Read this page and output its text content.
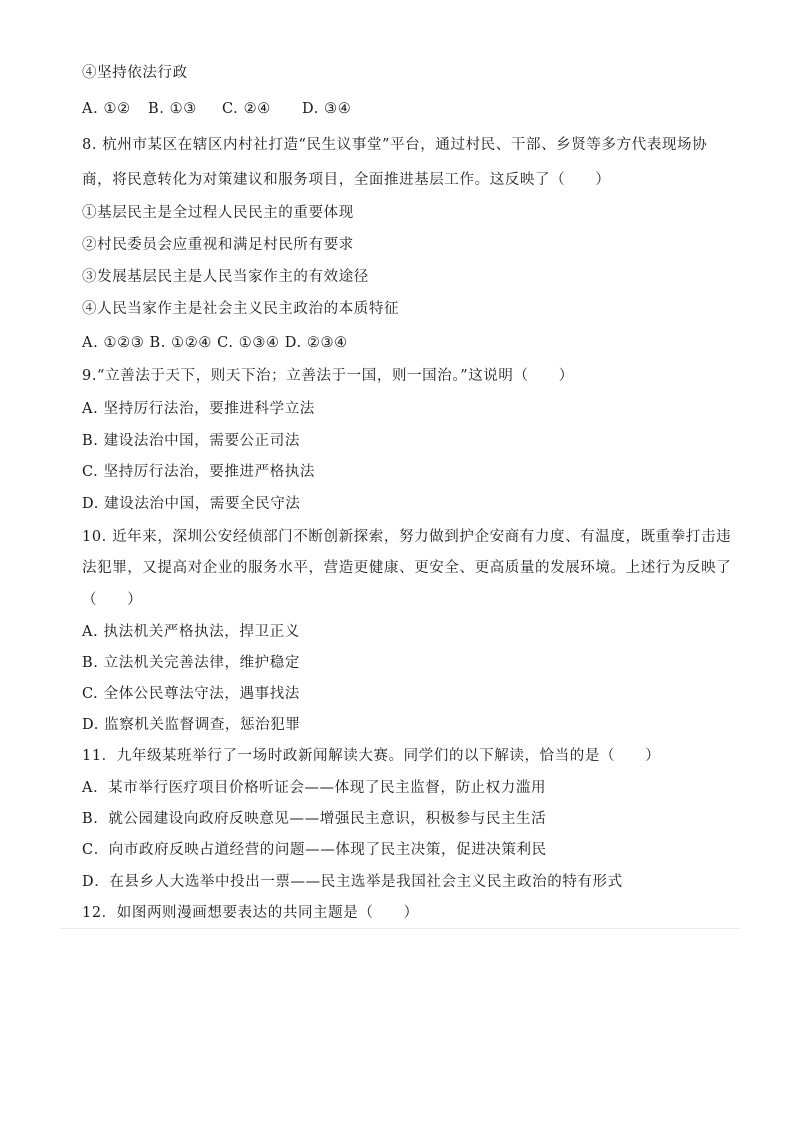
④坚持依法行政
A. ①② B. ①③ C. ②④ D. ③④
8. 杭州市某区在辖区内村社打造“民生议事堂”平台，通过村民、干部、乡贤等多方代表现场协
商，将民意转化为对策建议和服务项目，全面推进基层工作。这反映了（　　）
①基层民主是全过程人民民主的重要体现
②村民委员会应重视和满足村民所有要求
③发展基层民主是人民当家作主的有效途径
④人民当家作主是社会主义民主政治的本质特征
A. ①②③ B. ①②④ C. ①③④ D. ②③④
9.“立善法于天下，则天下治；立善法于一国，则一国治。”这说明（　　）
A. 坚持厉行法治，要推进科学立法
B. 建设法治中国，需要公正司法
C. 坚持厉行法治，要推进严格执法
D. 建设法治中国，需要全民守法
10. 近年来，深圳公安经侦部门不断创新探索，努力做到护企安商有力度、有温度，既重拳打击违
法犯罪，又提高对企业的服务水平，营造更健康、更安全、更高质量的发展环境。上述行为反映了
（　　）
A. 执法机关严格执法，捍卫正义
B. 立法机关完善法律，维护稳定
C. 全体公民尊法守法，遇事找法
D. 监察机关监督调查，惩治犯罪
11．九年级某班举行了一场时政新闻解读大赛。同学们的以下解读，恰当的是（　　）
A．某市举行医疗项目价格听证会——体现了民主监督，防止权力滥用
B．就公园建设向政府反映意见——增强民主意识，积极参与民主生活
C．向市政府反映占道经营的问题——体现了民主决策，促进决策利民
D．在县乡人大选举中投出一票——民主选举是我国社会主义民主政治的特有形式
12．如图两则漫画想要表达的共同主题是（　　）
